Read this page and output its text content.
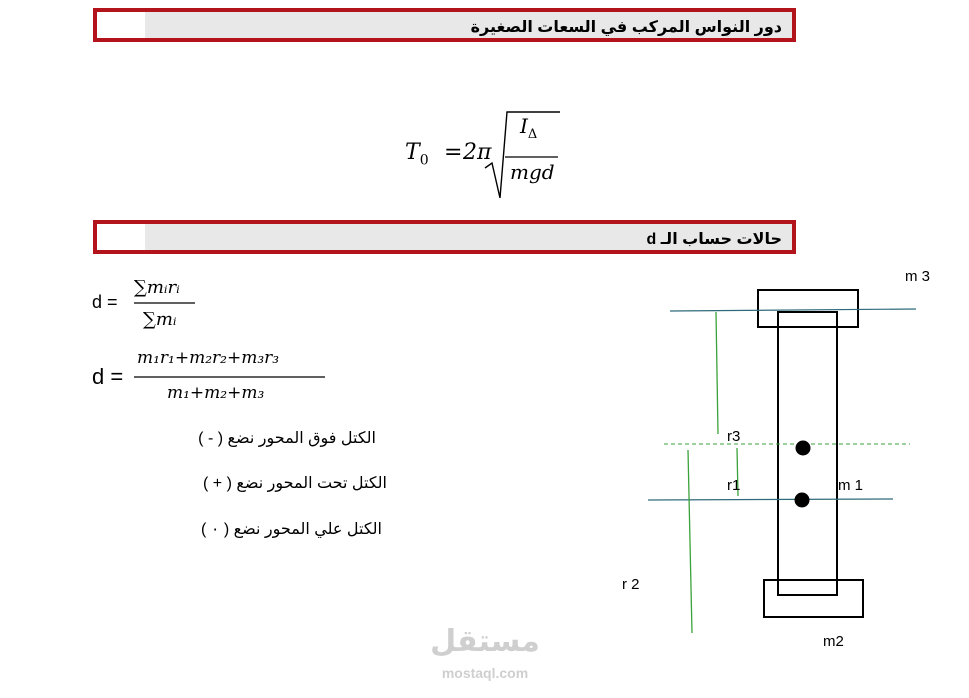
دور النواس المركب في السعات الصغيرة
$T_0 = 2\pi$
$I_\Delta$
mgd
حالات حساب الـ d
d =
∑mᵢrᵢ
∑mᵢ
d =
m₁r₁+m₂r₂+m₃r₃
m₁+m₂+m₃
الكتل فوق المحور نضع ( - )
الكتل تحت المحور نضع ( + )
الكتل علي المحور نضع ( ٠ )
m 3
m 1
m2
r3
r1
r 2
مستقل
mostaql.com
